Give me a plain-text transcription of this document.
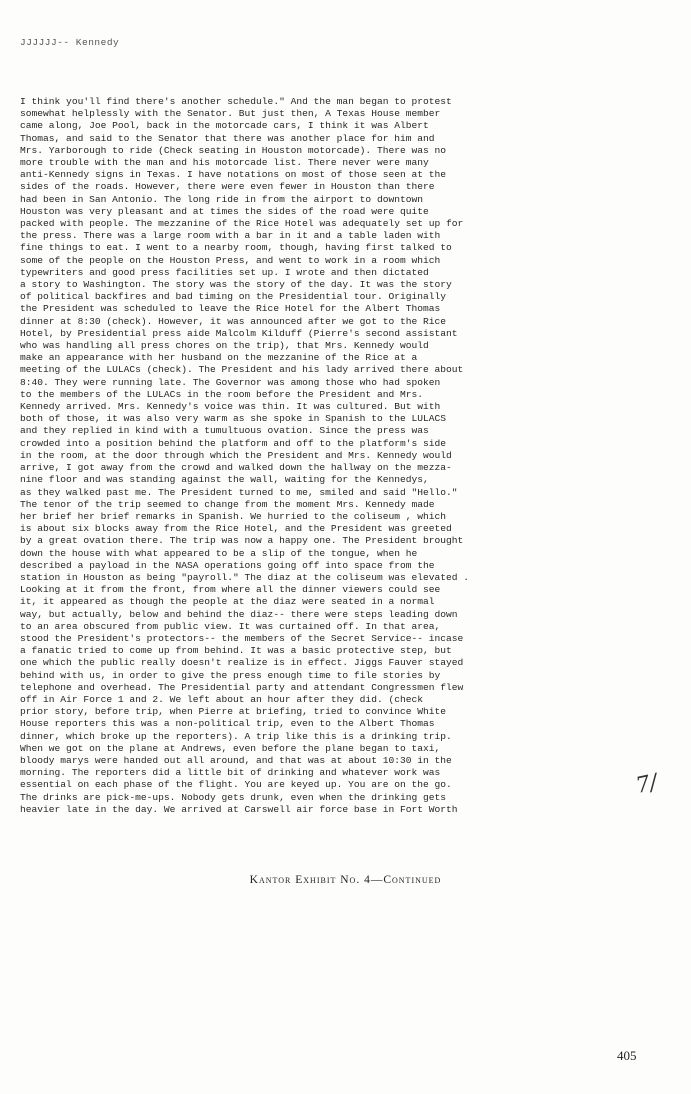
JJJJJJ-- Kennedy
I think you'll find there's another schedule." And the man began to protest
somewhat helplessly with the Senator. But just then, A Texas House member
came along, Joe Pool, back in the motorcade cars, I think it was Albert
Thomas, and said to the Senator that there was another place for him and
Mrs. Yarborough to ride (Check seating in Houston motorcade). There was no
more trouble with the man and his motorcade list. There never were many
anti-Kennedy signs in Texas. I have notations on most of those seen at the
sides of the roads. However, there were even fewer in Houston than there
had been in San Antonio. The long ride in from the airport to downtown
Houston was very pleasant and at times the sides of the road were quite
packed with people. The mezzanine of the Rice Hotel was adequately set up for
the press. There was a large room with a bar in it and a table laden with
fine things to eat. I went to a nearby room, though, having first talked to
some of the people on the Houston Press, and went to work in a room which
typewriters and good press facilities set up. I wrote and then dictated
a story to Washington. The story was the story of the day. It was the story
of political backfires and bad timing on the Presidential tour. Originally
the President was scheduled to leave the Rice Hotel for the Albert Thomas
dinner at 8:30 (check). However, it was announced after we got to the Rice
Hotel, by Presidential press aide Malcolm Kilduff (Pierre's second assistant
who was handling all press chores on the trip), that Mrs. Kennedy would
make an appearance with her husband on the mezzanine of the Rice at a
meeting of the LULACs (check). The President and his lady arrived there about
8:40. They were running late. The Governor was among those who had spoken
to the members of the LULACs in the room before the President and Mrs.
Kennedy arrived. Mrs. Kennedy's voice was thin. It was cultured. But with
both of those, it was also very warm as she spoke in Spanish to the LULACS
and they replied in kind with a tumultuous ovation. Since the press was
crowded into a position behind the platform and off to the platform's side
in the room, at the door through which the President and Mrs. Kennedy would
arrive, I got away from the crowd and walked down the hallway on the mezza-
nine floor and was standing against the wall, waiting for the Kennedys,
as they walked past me. The President turned to me, smiled and said "Hello."
The tenor of the trip seemed to change from the moment Mrs. Kennedy made
her brief her brief remarks in Spanish. We hurried to the coliseum , which
is about six blocks away from the Rice Hotel, and the President was greeted
by a great ovation there. The trip was now a happy one. The President brought
down the house with what appeared to be a slip of the tongue, when he
described a payload in the NASA operations going off into space from the
station in Houston as being "payroll." The diaz at the coliseum was elevated .
Looking at it from the front, from where all the dinner viewers could see
it, it appeared as though the people at the diaz were seated in a normal
way, but actually, below and behind the diaz-- there were steps leading down
to an area obscured from public view. It was curtained off. In that area,
stood the President's protectors-- the members of the Secret Service-- incase
a fanatic tried to come up from behind. It was a basic protective step, but
one which the public really doesn't realize is in effect. Jiggs Fauver stayed
behind with us, in order to give the press enough time to file stories by
telephone and overhead. The Presidential party and attendant Congressmen flew
off in Air Force 1 and 2. We left about an hour after they did. (check
prior story, before trip, when Pierre at briefing, tried to convince White
House reporters this was a non-political trip, even to the Albert Thomas
dinner, which broke up the reporters). A trip like this is a drinking trip.
When we got on the plane at Andrews, even before the plane began to taxi,
bloody marys were handed out all around, and that was at about 10:30 in the
morning. The reporters did a little bit of drinking and whatever work was
essential on each phase of the flight. You are keyed up. You are on the go.
The drinks are pick-me-ups. Nobody gets drunk, even when the drinking gets
heavier late in the day. We arrived at Carswell air force base in Fort Worth
7/
Kantor Exhibit No. 4—Continued
405
